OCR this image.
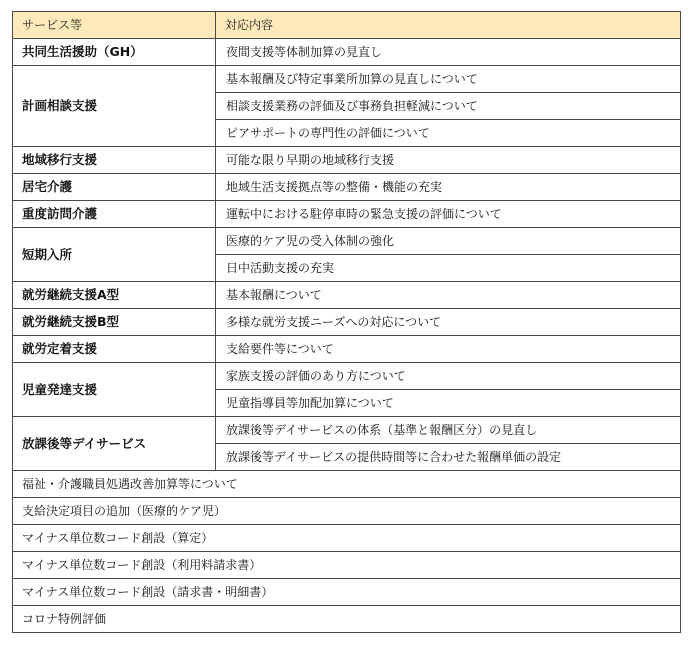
サービス等	対応内容
共同生活援助（GH）	夜間支援等体制加算の見直し
計画相談支援	基本報酬及び特定事業所加算の見直しについて
	相談支援業務の評価及び事務負担軽減について
	ピアサポートの専門性の評価について
地域移行支援	可能な限り早期の地域移行支援
居宅介護	地域生活支援拠点等の整備・機能の充実
重度訪問介護	運転中における駐停車時の緊急支援の評価について
短期入所	医療的ケア児の受入体制の強化
	日中活動支援の充実
就労継続支援A型	基本報酬について
就労継続支援B型	多様な就労支援ニーズへの対応について
就労定着支援	支給要件等について
児童発達支援	家族支援の評価のあり方について
	児童指導員等加配加算について
放課後等デイサービス	放課後等デイサービスの体系（基準と報酬区分）の見直し
	放課後等デイサービスの提供時間等に合わせた報酬単価の設定
福祉・介護職員処遇改善加算等について	
支給決定項目の追加（医療的ケア児）	
マイナス単位数コード創設（算定）	
マイナス単位数コード創設（利用料請求書）	
マイナス単位数コード創設（請求書・明細書）	
コロナ特例評価	
